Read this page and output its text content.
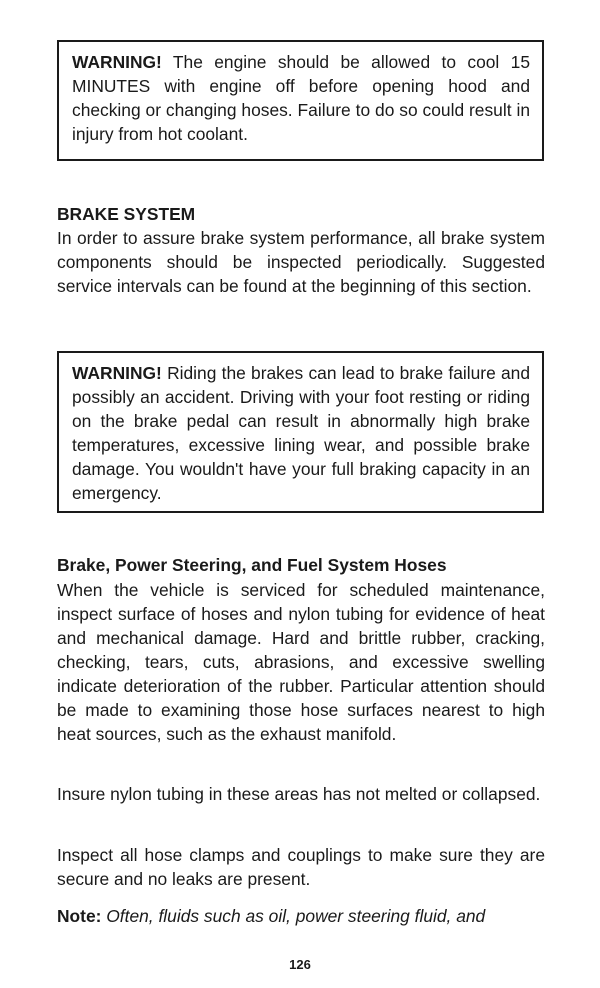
WARNING! The engine should be allowed to cool 15 MINUTES with engine off before opening hood and checking or changing hoses. Failure to do so could result in injury from hot coolant.

BRAKE SYSTEM

In order to assure brake system performance, all brake system components should be inspected periodically. Suggested service intervals can be found at the beginning of this section.

WARNING! Riding the brakes can lead to brake failure and possibly an accident. Driving with your foot resting or riding on the brake pedal can result in abnormally high brake temperatures, excessive lining wear, and possible brake damage. You wouldn't have your full braking capacity in an emergency.

Brake, Power Steering, and Fuel System Hoses

When the vehicle is serviced for scheduled maintenance, inspect surface of hoses and nylon tubing for evidence of heat and mechanical damage. Hard and brittle rubber, cracking, checking, tears, cuts, abrasions, and excessive swelling indicate deterioration of the rubber. Particular attention should be made to examining those hose surfaces nearest to high heat sources, such as the exhaust manifold.

Insure nylon tubing in these areas has not melted or collapsed.

Inspect all hose clamps and couplings to make sure they are secure and no leaks are present.

Note: Often, fluids such as oil, power steering fluid, and

126
